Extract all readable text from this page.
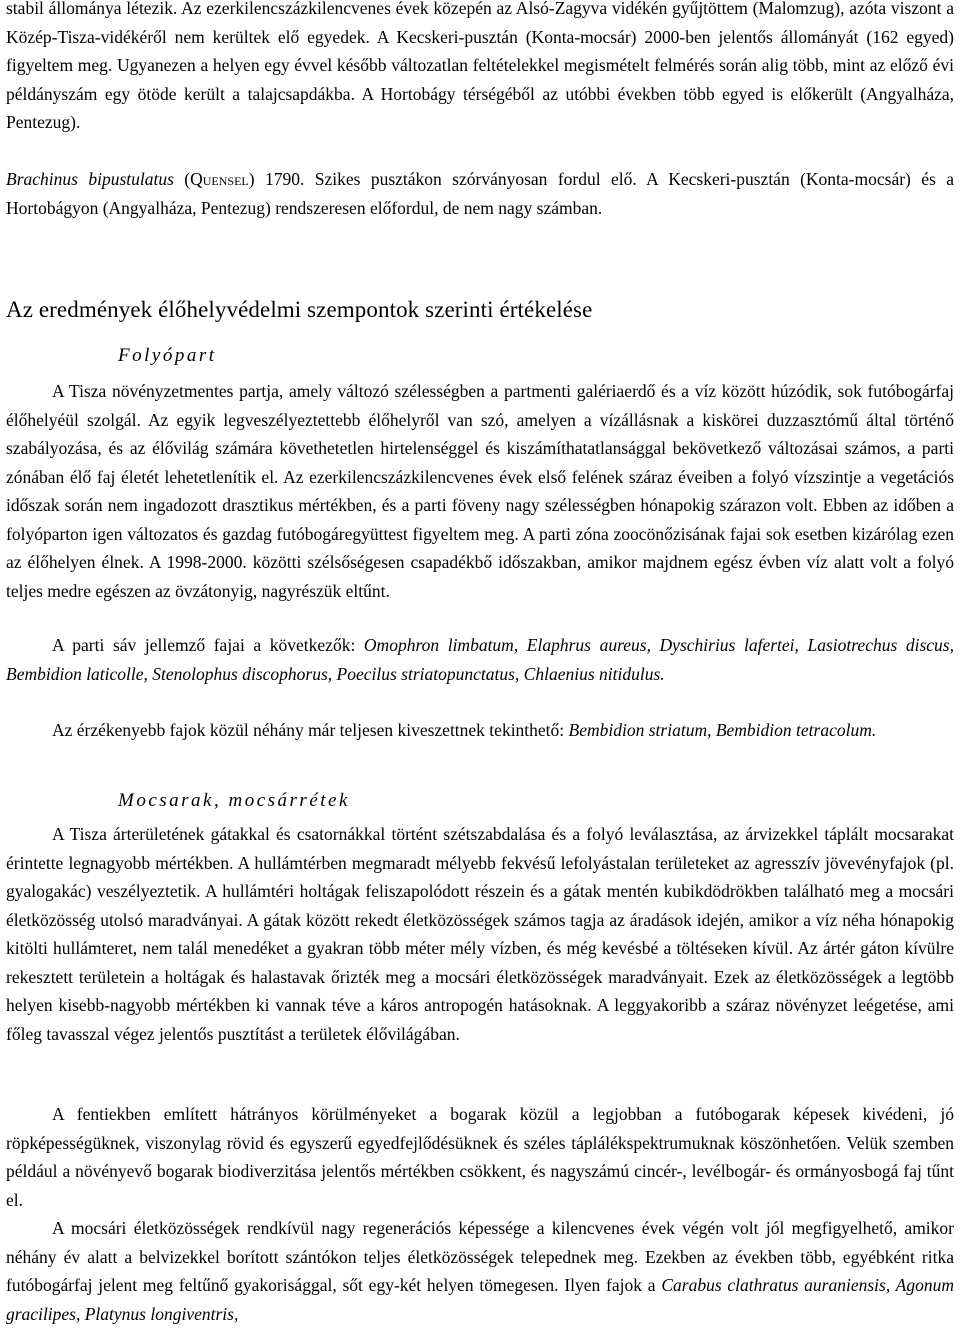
stabil állománya létezik. Az ezerkilencszázkilencvenes évek közepén az Alsó-Zagyva vidékén gyűjtöttem (Malomzug), azóta viszont a Közép-Tisza-vidékéről nem kerültek elő egyedek. A Kecskeri-pusztán (Konta-mocsár) 2000-ben jelentős állományát (162 egyed) figyeltem meg. Ugyanezen a helyen egy évvel később változatlan feltételekkel megismételt felmérés során alig több, mint az előző évi példányszám egy ötöde került a talajcsapdákba. A Hortobágy térségéből az utóbbi években több egyed is előkerült (Angyalháza, Pentezug).
Brachinus bipustulatus (Quensel) 1790. Szikes pusztákon szórványosan fordul elő. A Kecskeri-pusztán (Konta-mocsár) és a Hortobágyon (Angyalháza, Pentezug) rendszeresen előfordul, de nem nagy számban.
Az eredmények élőhelyvédelmi szempontok szerinti értékelése
Folyópart
A Tisza növényzetmentes partja, amely változó szélességben a partmenti galériaerdő és a víz között húzódik, sok futóbogárfaj élőhelyéül szolgál. Az egyik legveszélyeztettebb élőhelyről van szó, amelyen a vízállásnak a kiskörei duzzasztómű által történő szabályozása, és az élővilág számára követhetetlen hirtelenséggel és kiszámíthatatlansággal bekövetkező változásai számos, a parti zónában élő faj életét lehetetlenítik el. Az ezerkilencszázkilencvenes évek első felének száraz éveiben a folyó vízszintje a vegetációs időszak során nem ingadozott drasztikus mértékben, és a parti föveny nagy szélességben hónapokig szárazon volt. Ebben az időben a folyóparton igen változatos és gazdag futóbogáregyüttest figyeltem meg. A parti zóna zoocönőzisának fajai sok esetben kizárólag ezen az élőhelyen élnek. A 1998-2000. közötti szélsőségesen csapadékbő időszakban, amikor majdnem egész évben víz alatt volt a folyó teljes medre egészen az övzátonyig, nagyrészük eltűnt.
A parti sáv jellemző fajai a következők: Omophron limbatum, Elaphrus aureus, Dyschirius lafertei, Lasiotrechus discus, Bembidion laticolle, Stenolophus discophorus, Poecilus striatopunctatus, Chlaenius nitidulus.
Az érzékenyebb fajok közül néhány már teljesen kiveszettnek tekinthető: Bembidion striatum, Bembidion tetracolum.
Mocsarak, mocsárrétek
A Tisza árterületének gátakkal és csatornákkal történt szétszabdalása és a folyó leválasztása, az árvizekkel táplált mocsarakat érintette legnagyobb mértékben. A hullámtérben megmaradt mélyebb fekvésű lefolyástalan területeket az agresszív jövevényfajok (pl. gyalogakác) veszélyeztetik. A hullámtéri holtágak feliszapolódott részein és a gátak mentén kubikdödrökben található meg a mocsári életközösség utolsó maradványai. A gátak között rekedt életközösségek számos tagja az áradások idején, amikor a víz néha hónapokig kitölti hullámteret, nem talál menedéket a gyakran több méter mély vízben, és még kevésbé a töltéseken kívül. Az ártér gáton kívülre rekesztett területein a holtágak és halastavak őrizték meg a mocsári életközösségek maradványait. Ezek az életközösségek a legtöbb helyen kisebb-nagyobb mértékben ki vannak téve a káros antropogén hatásoknak. A leggyakoribb a száraz növényzet leégetése, ami főleg tavasszal végez jelentős pusztítást a területek élővilágában.
A fentiekben említett hátrányos körülményeket a bogarak közül a legjobban a futóbogarak képesek kivédeni, jó röpképességüknek, viszonylag rövid és egyszerű egyedfejlődésüknek és széles táplálékspektrumuknak köszönhetően. Velük szemben például a növényevő bogarak biodiverzitása jelentős mértékben csökkent, és nagyszámú cincér-, levélbogár- és ormányosbogá faj tűnt el.
A mocsári életközösségek rendkívül nagy regenerációs képessége a kilencvenes évek végén volt jól megfigyelhető, amikor néhány év alatt a belvizekkel borított szántókon teljes életközösségek telepednek meg. Ezekben az években több, egyébként ritka futóbogárfaj jelent meg feltűnő gyakorisággal, sőt egy-két helyen tömegesen. Ilyen fajok a Carabus clathratus auraniensis, Agonum gracilipes, Platynus longiventris,
